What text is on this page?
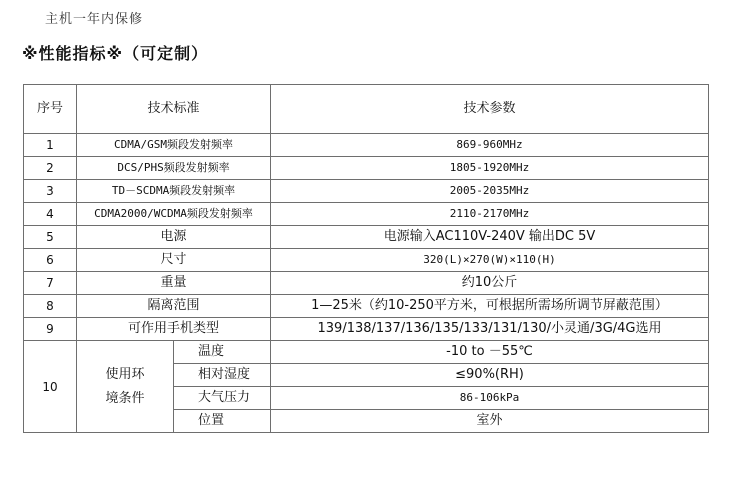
主机一年内保修
※性能指标※（可定制）
序号	技术标准		技术参数
1	CDMA/GSM频段发射频率		869-960MHz
2	DCS/PHS频段发射频率		1805-1920MHz
3	TD－SCDMA频段发射频率		2005-2035MHz
4	CDMA2000/WCDMA频段发射频率		2110-2170MHz
5	电源		电源输入AC110V-240V 输出DC 5V
6	尺寸		320(L)×270(W)×110(H)
7	重量		约10公斤
8	隔离范围		1—25米（约10-250平方米，可根据所需场所调节屏蔽范围）
9	可作用手机类型		139/138/137/136/135/133/131/130/小灵通/3G/4G选用
10	使用环
境条件	温度	-10 to －55℃
		相对湿度	≤90%(RH)
		大气压力	86-106kPa
		位置	室外
